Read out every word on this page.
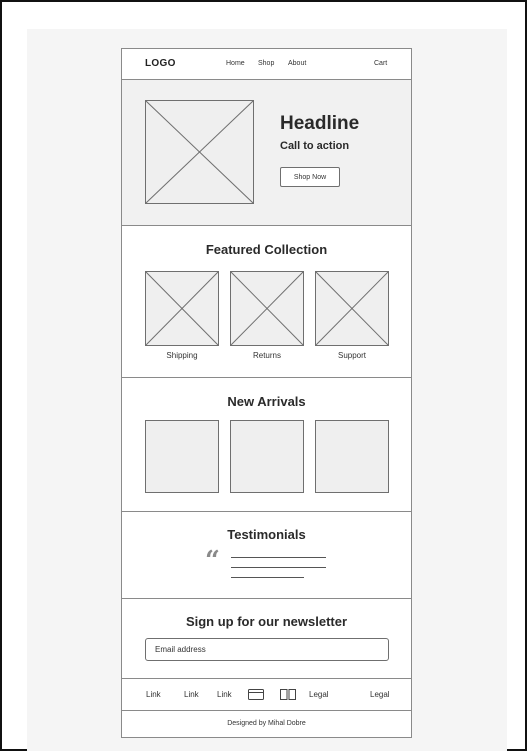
LOGO	Home Shop About	Cart
Headline
Call to action
Shop Now
Featured Collection
Shipping	Returns	Support
New Arrivals
Testimonials
“
Sign up for our newsletter
Email address
Link	Link Link	Legal	Legal
Designed by Mihal Dobre
